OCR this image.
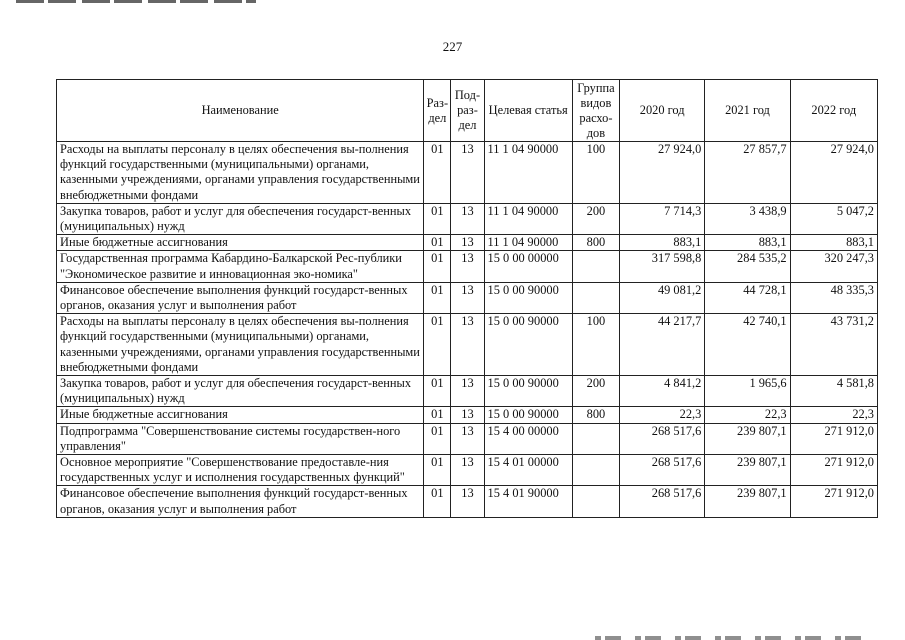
227
Наименование	Раз-дел	Под-раз-дел	Целевая статья	Группа видов расхо-дов	2020 год	2021 год	2022 год
Расходы на выплаты персоналу в целях обеспечения вы-полнения функций государственными (муниципальными) органами, казенными учреждениями, органами управления государственными внебюджетными фондами	01	13	11 1 04 90000	100	27 924,0	27 857,7	27 924,0
Закупка товаров, работ и услуг для обеспечения государст-венных (муниципальных) нужд	01	13	11 1 04 90000	200	7 714,3	3 438,9	5 047,2
Иные бюджетные ассигнования	01	13	11 1 04 90000	800	883,1	883,1	883,1
Государственная программа Кабардино-Балкарской Рес-публики "Экономическое развитие и инновационная эко-номика"	01	13	15 0 00 00000		317 598,8	284 535,2	320 247,3
Финансовое обеспечение выполнения функций государст-венных органов, оказания услуг и выполнения работ	01	13	15 0 00 90000		49 081,2	44 728,1	48 335,3
Расходы на выплаты персоналу в целях обеспечения вы-полнения функций государственными (муниципальными) органами, казенными учреждениями, органами управления государственными внебюджетными фондами	01	13	15 0 00 90000	100	44 217,7	42 740,1	43 731,2
Закупка товаров, работ и услуг для обеспечения государст-венных (муниципальных) нужд	01	13	15 0 00 90000	200	4 841,2	1 965,6	4 581,8
Иные бюджетные ассигнования	01	13	15 0 00 90000	800	22,3	22,3	22,3
Подпрограмма "Совершенствование системы государствен-ного управления"	01	13	15 4 00 00000		268 517,6	239 807,1	271 912,0
Основное мероприятие "Совершенствование предоставле-ния государственных услуг и исполнения государственных функций"	01	13	15 4 01 00000		268 517,6	239 807,1	271 912,0
Финансовое обеспечение выполнения функций государст-венных органов, оказания услуг и выполнения работ	01	13	15 4 01 90000		268 517,6	239 807,1	271 912,0
